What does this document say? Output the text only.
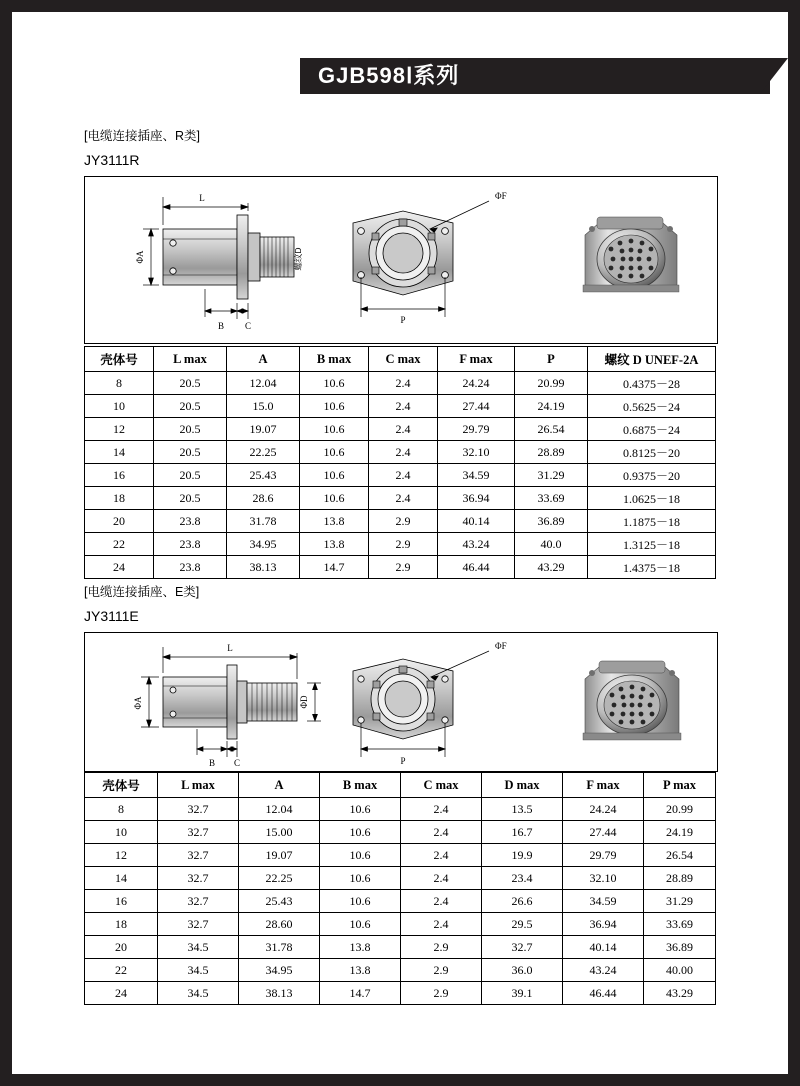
GJB598Ⅰ系列
[电缆连接插座、R类]
JY3111R
L
ΦA	螺纹D
B C
ΦF
P
壳体号	L max	A	B max	C max	F max	P	螺纹 D UNEF-2A
8	20.5	12.04	10.6	2.4	24.24	20.99	0.4375－28
10	20.5	15.0	10.6	2.4	27.44	24.19	0.5625－24
12	20.5	19.07	10.6	2.4	29.79	26.54	0.6875－24
14	20.5	22.25	10.6	2.4	32.10	28.89	0.8125－20
16	20.5	25.43	10.6	2.4	34.59	31.29	0.9375－20
18	20.5	28.6	10.6	2.4	36.94	33.69	1.0625－18
20	23.8	31.78	13.8	2.9	40.14	36.89	1.1875－18
22	23.8	34.95	13.8	2.9	43.24	40.0	1.3125－18
24	23.8	38.13	14.7	2.9	46.44	43.29	1.4375－18
[电缆连接插座、E类]
JY3111E
L
ΦA	ΦD
B C
ΦF
P
壳体号	L max	A	B max	C max	D max	F max	P max
8	32.7	12.04	10.6	2.4	13.5	24.24	20.99
10	32.7	15.00	10.6	2.4	16.7	27.44	24.19
12	32.7	19.07	10.6	2.4	19.9	29.79	26.54
14	32.7	22.25	10.6	2.4	23.4	32.10	28.89
16	32.7	25.43	10.6	2.4	26.6	34.59	31.29
18	32.7	28.60	10.6	2.4	29.5	36.94	33.69
20	34.5	31.78	13.8	2.9	32.7	40.14	36.89
22	34.5	34.95	13.8	2.9	36.0	43.24	40.00
24	34.5	38.13	14.7	2.9	39.1	46.44	43.29
